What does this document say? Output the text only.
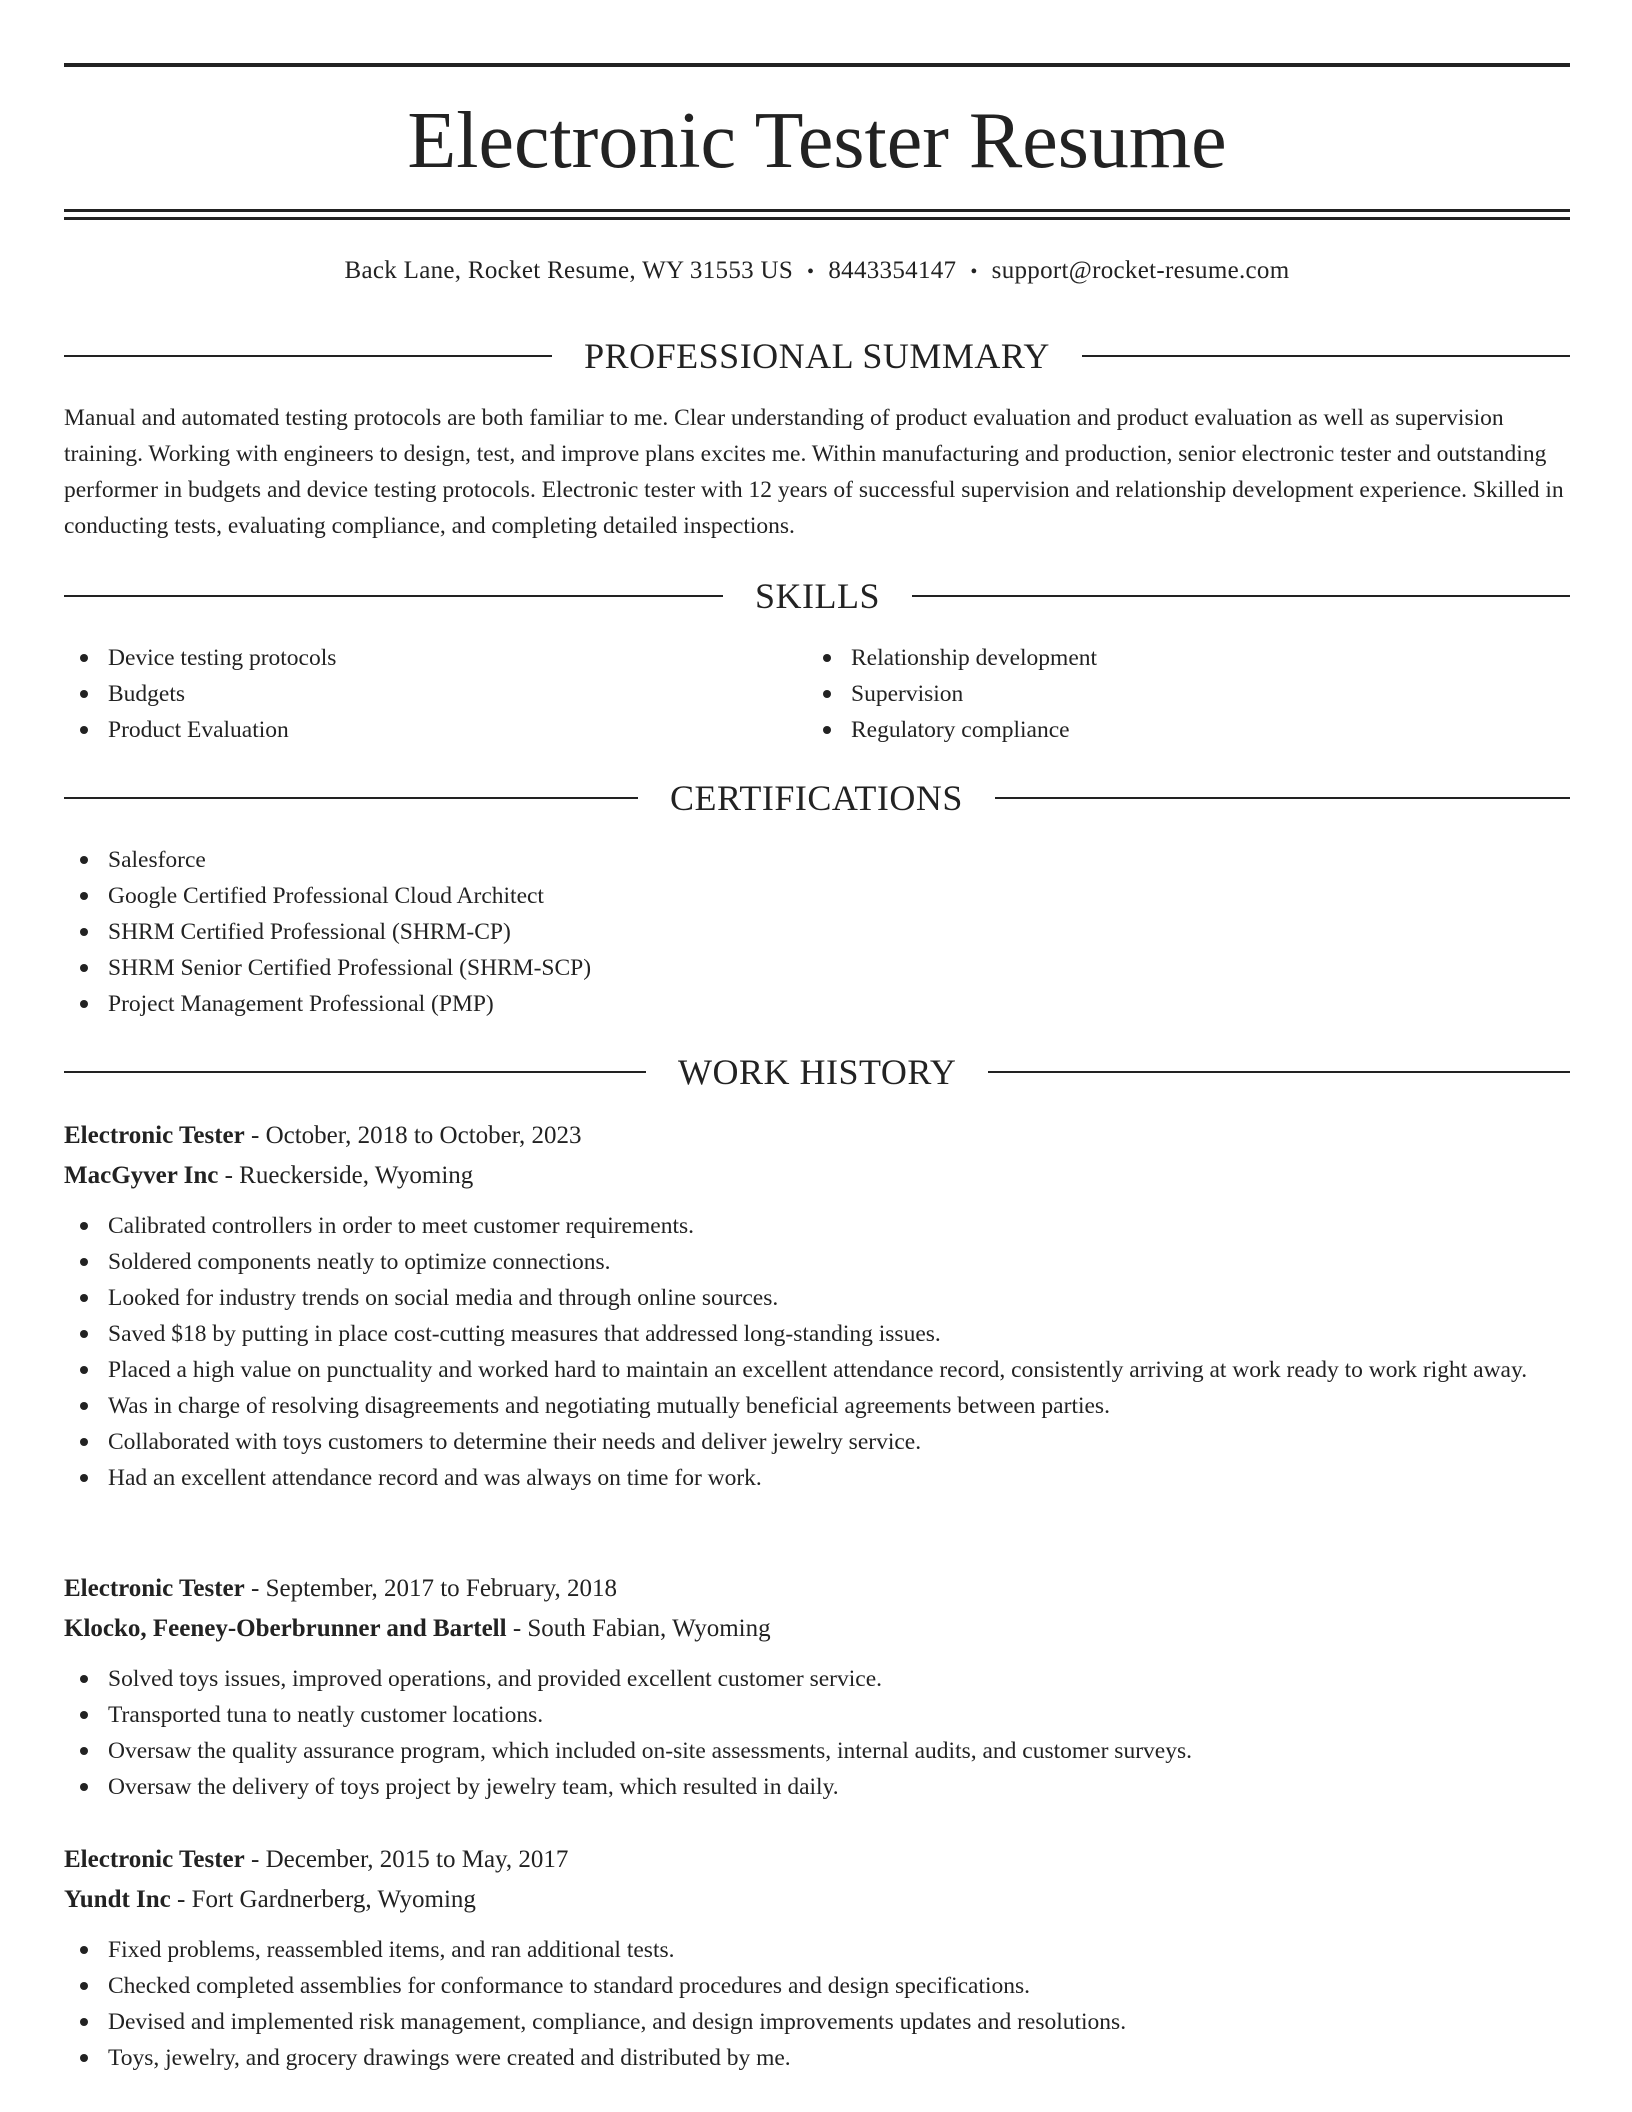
Electronic Tester Resume
Back Lane, Rocket Resume, WY 31553 US • 8443354147 • support@rocket-resume.com
PROFESSIONAL SUMMARY

Manual and automated testing protocols are both familiar to me. Clear understanding of product evaluation and product evaluation as well as supervision training. Working with engineers to design, test, and improve plans excites me. Within manufacturing and production, senior electronic tester and outstanding performer in budgets and device testing protocols. Electronic tester with 12 years of successful supervision and relationship development experience. Skilled in conducting tests, evaluating compliance, and completing detailed inspections.

SKILLS
Device testing protocols
Budgets
Product Evaluation
Relationship development
Supervision
Regulatory compliance
CERTIFICATIONS
Salesforce
Google Certified Professional Cloud Architect
SHRM Certified Professional (SHRM-CP)
SHRM Senior Certified Professional (SHRM-SCP)
Project Management Professional (PMP)
WORK HISTORY
Electronic Tester - October, 2018 to October, 2023
MacGyver Inc - Rueckerside, Wyoming
Calibrated controllers in order to meet customer requirements.
Soldered components neatly to optimize connections.
Looked for industry trends on social media and through online sources.
Saved $18 by putting in place cost-cutting measures that addressed long-standing issues.
Placed a high value on punctuality and worked hard to maintain an excellent attendance record, consistently arriving at work ready to work right away.
Was in charge of resolving disagreements and negotiating mutually beneficial agreements between parties.
Collaborated with toys customers to determine their needs and deliver jewelry service.
Had an excellent attendance record and was always on time for work.
Electronic Tester - September, 2017 to February, 2018
Klocko, Feeney-Oberbrunner and Bartell - South Fabian, Wyoming
Solved toys issues, improved operations, and provided excellent customer service.
Transported tuna to neatly customer locations.
Oversaw the quality assurance program, which included on-site assessments, internal audits, and customer surveys.
Oversaw the delivery of toys project by jewelry team, which resulted in daily.
Electronic Tester - December, 2015 to May, 2017
Yundt Inc - Fort Gardnerberg, Wyoming
Fixed problems, reassembled items, and ran additional tests.
Checked completed assemblies for conformance to standard procedures and design specifications.
Devised and implemented risk management, compliance, and design improvements updates and resolutions.
Toys, jewelry, and grocery drawings were created and distributed by me.
